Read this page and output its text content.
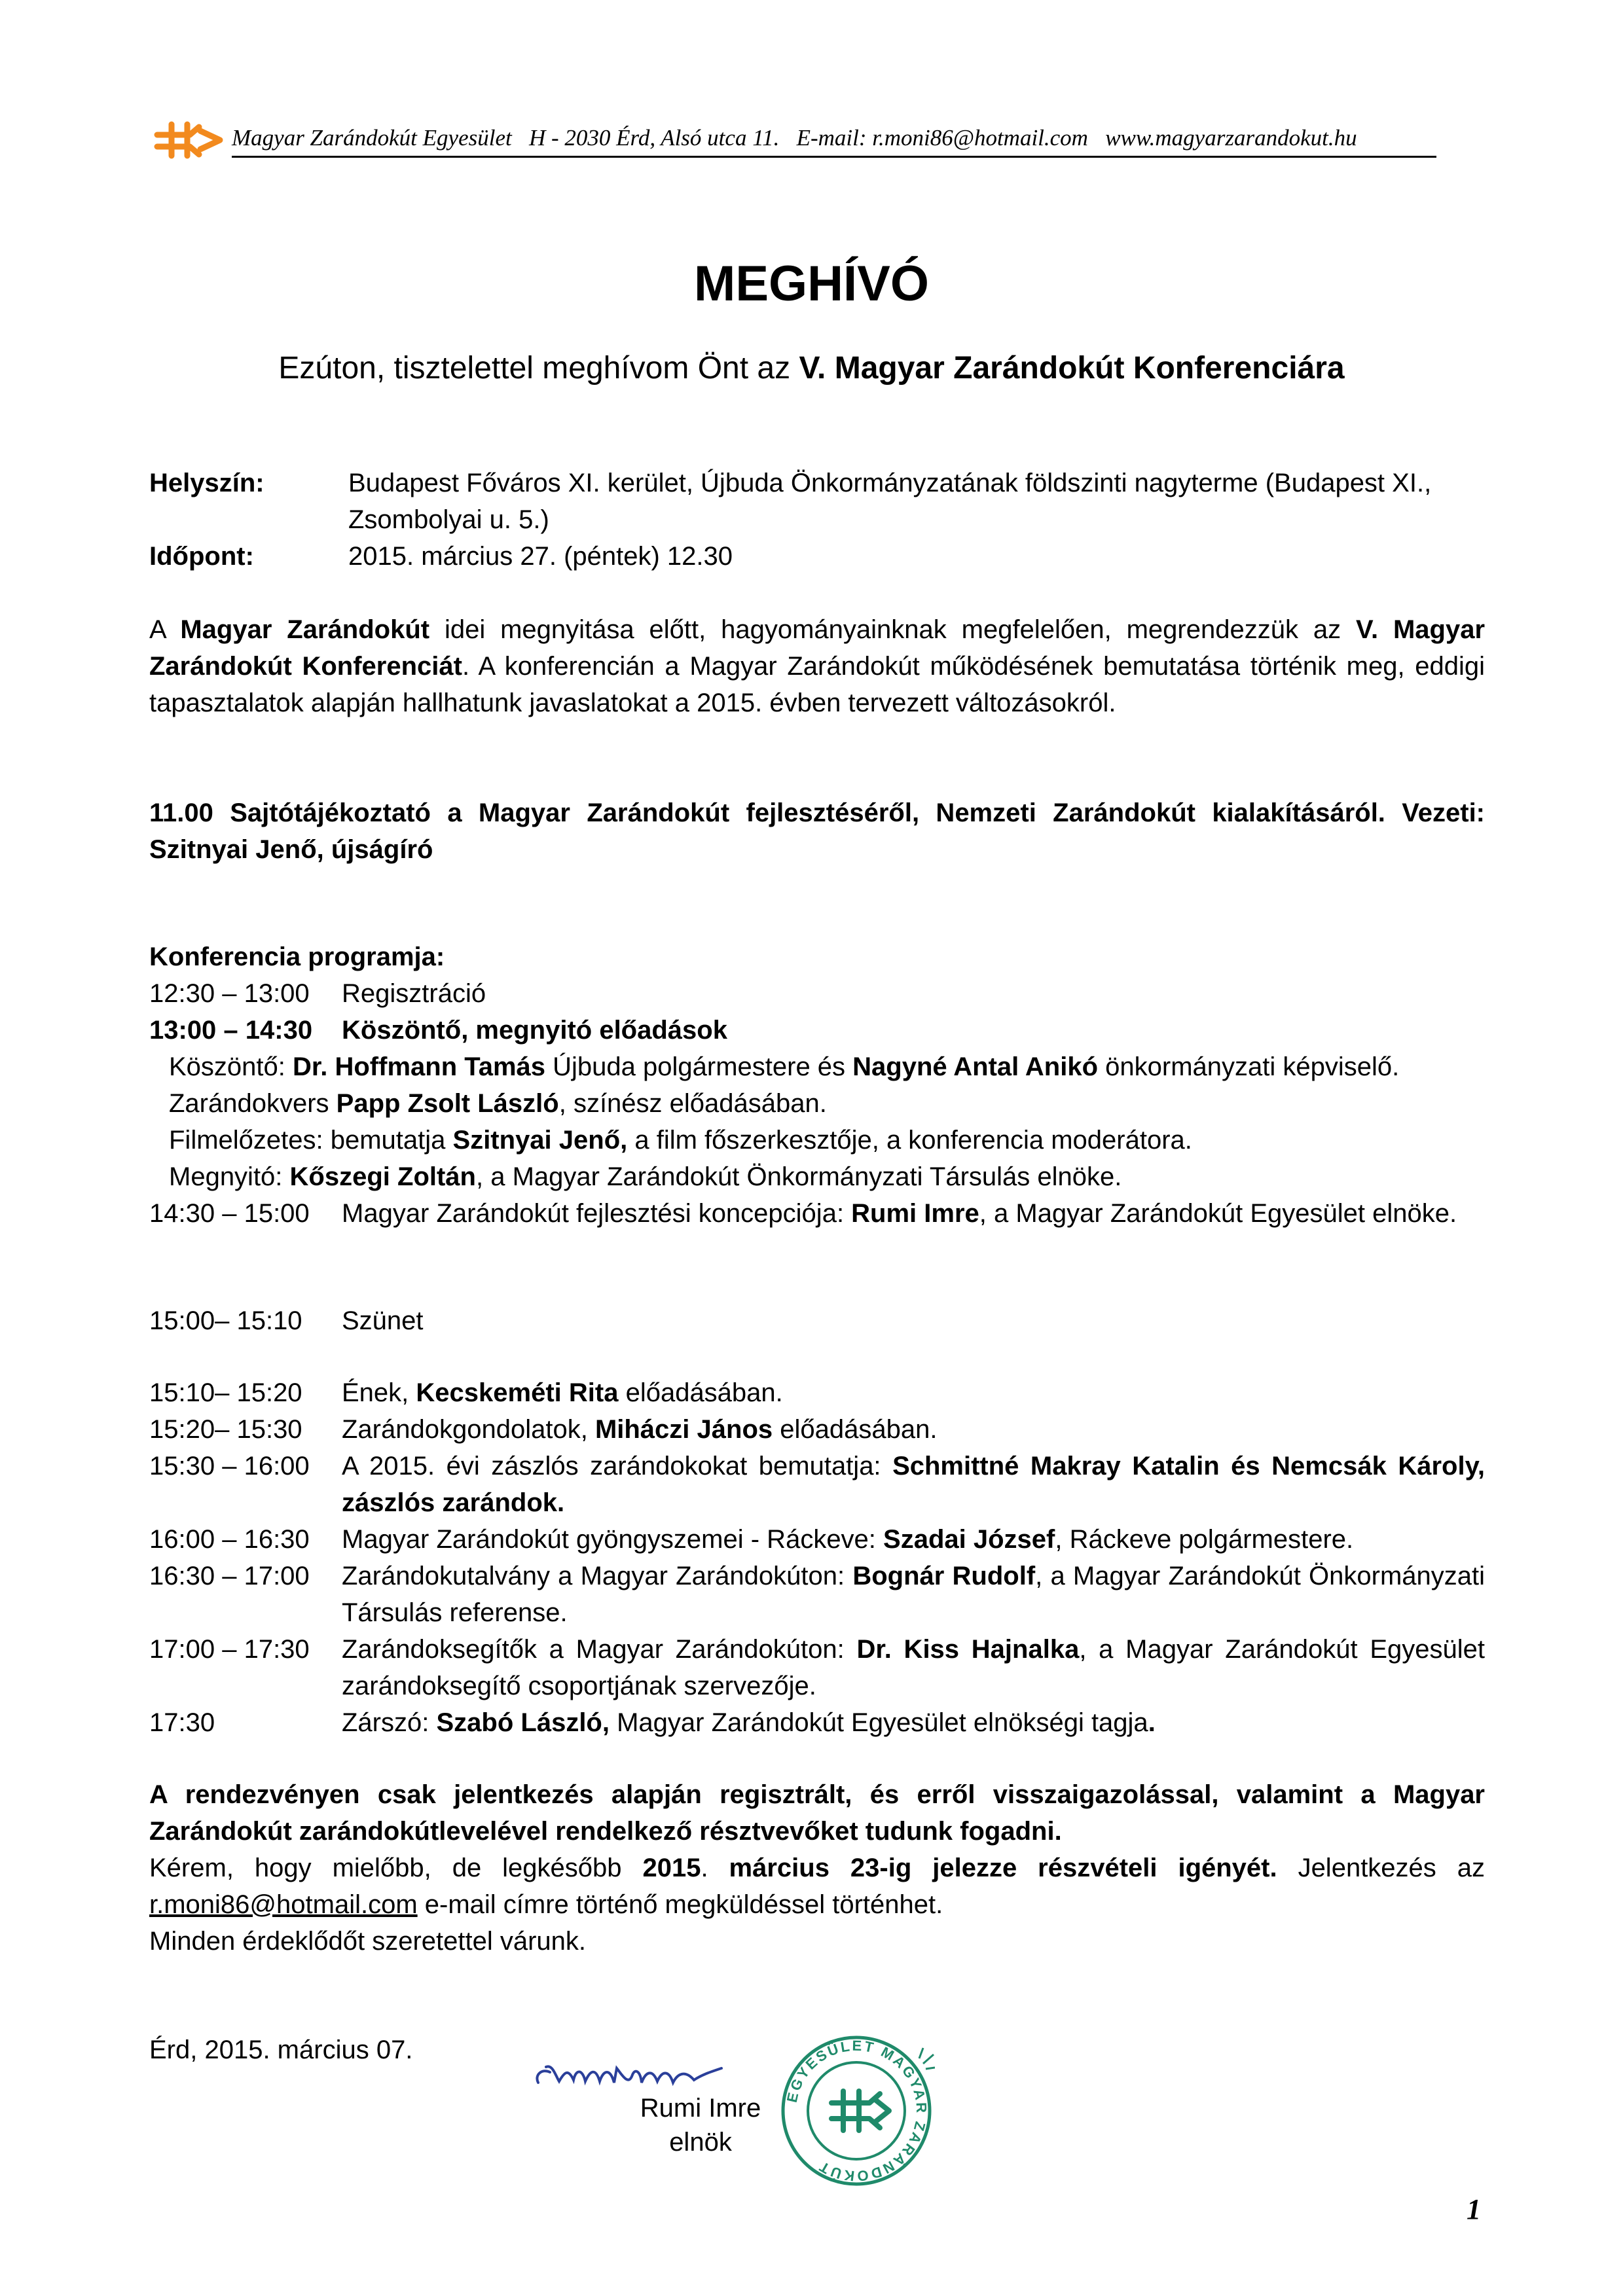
Magyar Zarándokút Egyesület   H - 2030 Érd, Alsó utca 11.   E-mail: r.moni86@hotmail.com   www.magyarzarandokut.hu
MEGHÍVÓ
Ezúton, tisztelettel meghívom Önt az V. Magyar Zarándokút Konferenciára
Helyszín:	Budapest Főváros XI. kerület, Újbuda Önkormányzatának földszinti nagyterme (Budapest XI., Zsombolyai u. 5.)
Időpont:	2015. március 27. (péntek) 12.30
A Magyar Zarándokút idei megnyitása előtt, hagyományainknak megfelelően, megrendezzük az V. Magyar Zarándokút Konferenciát. A konferencián a Magyar Zarándokút működésének bemutatása történik meg, eddigi tapasztalatok alapján hallhatunk javaslatokat a 2015. évben tervezett változásokról.
11.00 Sajtótájékoztató a Magyar Zarándokút fejlesztéséről, Nemzeti Zarándokút kialakításáról. Vezeti: Szitnyai Jenő, újságíró
Konferencia programja:
12:30 – 13:00	Regisztráció
13:00 – 14:30	Köszöntő, megnyitó előadások
Köszöntő: Dr. Hoffmann Tamás Újbuda polgármestere és Nagyné Antal Anikó önkormányzati képviselő.
Zarándokvers Papp Zsolt László, színész előadásában.
Filmelőzetes: bemutatja Szitnyai Jenő, a film főszerkesztője, a konferencia moderátora.
Megnyitó: Kőszegi Zoltán, a Magyar Zarándokút Önkormányzati Társulás elnöke.
14:30 – 15:00	Magyar Zarándokút fejlesztési koncepciója: Rumi Imre, a Magyar Zarándokút Egyesület elnöke.
15:00– 15:10	Szünet
15:10– 15:20	Ének, Kecskeméti Rita előadásában.
15:20– 15:30	Zarándokgondolatok, Miháczi János előadásában.
15:30 – 16:00	A 2015. évi zászlós zarándokokat bemutatja: Schmittné Makray Katalin és Nemcsák Károly, zászlós zarándok.
16:00 – 16:30	Magyar Zarándokút gyöngyszemei - Ráckeve: Szadai József, Ráckeve polgármestere.
16:30 – 17:00	Zarándokutalvány a Magyar Zarándokúton: Bognár Rudolf, a Magyar Zarándokút Önkormányzati Társulás referense.
17:00 – 17:30	Zarándoksegítők a Magyar Zarándokúton: Dr. Kiss Hajnalka, a Magyar Zarándokút Egyesület zarándoksegítő csoportjának szervezője.
17:30	Zárszó: Szabó László, Magyar Zarándokút Egyesület elnökségi tagja.
A rendezvényen csak jelentkezés alapján regisztrált, és erről visszaigazolással, valamint a Magyar Zarándokút zarándokútlevelével rendelkező résztvevőket tudunk fogadni.
Kérem, hogy mielőbb, de legkésőbb 2015. március 23-ig jelezze részvételi igényét. Jelentkezés az r.moni86@hotmail.com e-mail címre történő megküldéssel történhet.
Minden érdeklődőt szeretettel várunk.
Érd, 2015. március 07.
Rumi Imre
elnök
EGYESÜLET MAGYAR ZARÁNDOKÚT
1
